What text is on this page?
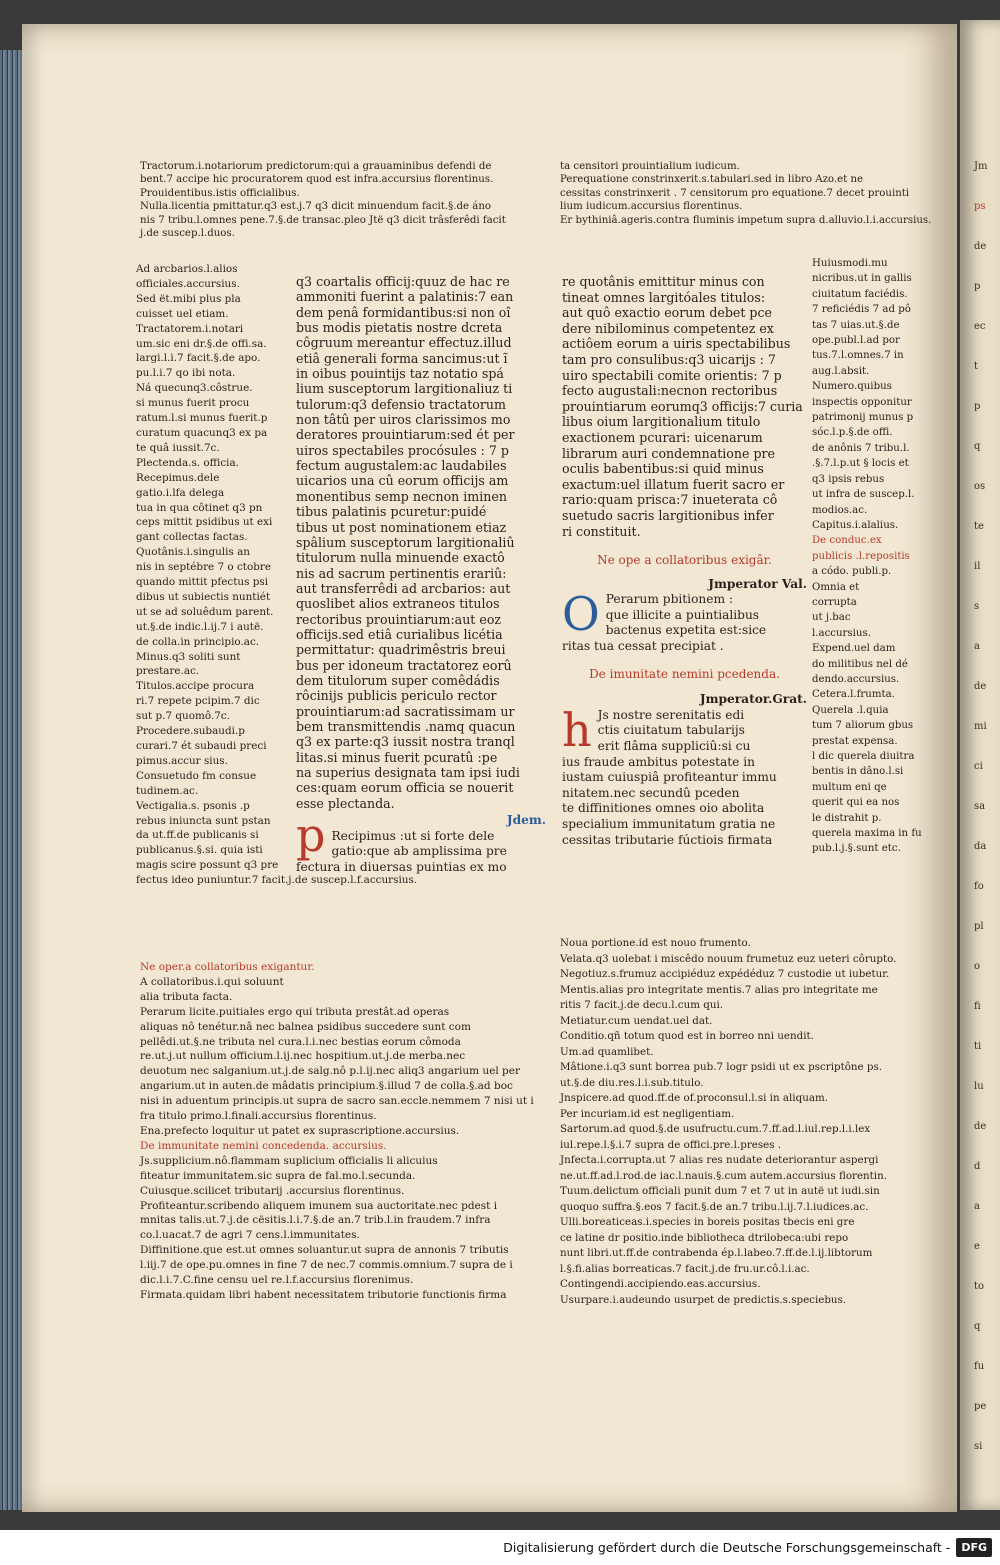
Tractorum.i.notariorum predictorum:qui a grauaminibus defendi de

bent.7 accipe hic procuratorem quod est infra.accursius florentinus.

Prouidentibus.istis officialibus.

Nulla.licentia pmittatur.q3 est.j.7 q3 dicit minuendum facit.§.de áno

nis 7 tribu.l.omnes pene.7.§.de transac.pleo Jtë q3 dicit trâsferêdi facit

j.de suscep.l.duos.

Ad arcbarios.l.alios

officiales.accursius.

Sed ët.mibi plus pla

cuisset uel etiam.

Tractatorem.i.notari

um.sic eni dr.§.de offi.sa.

largi.l.i.7 facit.§.de apo.

pu.l.i.7 qo ibi nota.

Ná quecunq3.côstrue.

si munus fuerit procu

ratum.l.si munus fuerit.p

curatum quacunq3 ex pa

te quâ iussit.7c.

Plectenda.s. officia.

Recepimus.dele

gatio.i.lfa delega

tua in qua côtinet q3 pn

ceps mittit psidibus ut exi

gant collectas factas.

Quotânis.i.singulis an

nis in septébre 7 o ctobre

quando mittit pfectus psi

dibus ut subiectis nuntiét

ut se ad soluêdum parent.

ut.§.de indic.l.ij.7 i autë.

de colla.in principio.ac.

Minus.q3 soliti sunt

prestare.ac.

Titulos.accipe procura

ri.7 repete pcipim.7 dic

sut p.7 quomô.7c.

Procedere.subaudi.p

curari.7 ét subaudi preci

pimus.accur sius.

Consuetudo fm consue

tudinem.ac.

Vectigalia.s. psonis .p

rebus iniuncta sunt pstan

da ut.ff.de publicanis si

publicanus.§.si. quia isti

magis scire possunt q3 pre

fectus ideo puniuntur.7 facit.j.de suscep.l.f.accursius.

q3 coartalis officij:quuz de hac re

ammoniti fuerint a palatinis:7 ean

dem penâ formidantibus:si non oî

bus modis pietatis nostre dcreta

côgruum mereantur effectuz.illud

etiâ generali forma sancimus:ut ĩ

in oibus pouintijs taz notatio spá

lium susceptorum largitionaliuz ti

tulorum:q3 defensio tractatorum

non tâtû per uiros clarissimos mo

deratores prouintiarum:sed ét per

uiros spectabiles procósules : 7 p

fectum augustalem:ac laudabiles

uicarios una cû eorum officijs am

monentibus semp necnon iminen

tibus palatinis pcuretur:puidé

tibus ut post nominationem etiaz

spâlium susceptorum largitionaliû

titulorum nulla minuende exactô

nis ad sacrum pertinentis erariû:

aut transferrêdi ad arcbarios: aut

quoslibet alios extraneos titulos

rectoribus prouintiarum:aut eoz

officijs.sed etiâ curialibus licétia

permittatur: quadrimêstris breui

bus per idoneum tractatorez eorû

dem titulorum super comêdádis

rôcinijs publicis periculo rector

prouintiarum:ad sacratissimam ur

bem transmittendis .namq quacun

q3 ex parte:q3 iussit nostra tranql

litas.si minus fuerit pcuratû :pe

na superius designata tam ipsi iudi

ces:quam eorum officia se nouerit

esse plectanda.

p	Jdem.

Recipimus :ut si forte dele

gatio:que ab amplissima pre

fectura in diuersas puintias ex mo

Ne oper.a collatoribus exigantur.

A collatoribus.i.qui soluunt

alia tributa facta.

Perarum licite.puitiales ergo qui tributa prestât.ad operas

aliquas nô tenétur.nâ nec balnea psidibus succedere sunt com

pellêdi.ut.§.ne tributa nel cura.l.i.nec bestias eorum cômoda

re.ut.j.ut nullum officium.l.ij.nec hospitium.ut.j.de merba.nec

deuotum nec salganium.ut.j.de salg.nô p.l.ij.nec aliq3 angarium uel per

angarium.ut in auten.de mâdatis principium.§.illud 7 de colla.§.ad boc

nisi in aduentum principis.ut supra de sacro san.eccle.nemmem 7 nisi ut i

fra titulo primo.l.finali.accursius florentinus.

Ena.prefecto loquitur ut patet ex suprascriptione.accursius.

De immunitate nemini concedenda. accursius.

Js.supplicium.nô.flammam suplicium officialis li alicuius

fiteatur immunitatem.sic supra de fal.mo.l.secunda.

Cuiusque.scilicet tributarij .accursius florentinus.

Profiteantur.scribendo aliquem imunem sua auctoritate.nec pdest i

mnitas talis.ut.7.j.de cësitis.l.i.7.§.de an.7 trib.l.in fraudem.7 infra

co.l.uacat.7 de agri 7 cens.l.immunitates.

Diffinitione.que est.ut omnes soluantur.ut supra de annonis 7 tributis

l.iij.7 de ope.pu.omnes in fine 7 de nec.7 commis.omnium.7 supra de i

dic.l.i.7.C.fine censu uel re.l.f.accursius florenimus.

Firmata.quidam libri habent necessitatem tributorie functionis firma

ta censitori prouintialium iudicum.

Perequatione constrinxerit.s.tabulari.sed in libro Azo.et ne

cessitas constrinxerit . 7 censitorum pro equatione.7 decet prouinti

lium iudicum.accursius florentinus.

Er bythiniâ.ageris.contra fluminis impetum supra d.alluvio.l.i.accursius.

re quotânis emittitur minus con

tineat omnes largitóales titulos:

aut quô exactio eorum debet pce

dere nibilominus competentez ex

actiôem eorum a uiris spectabilibus

tam pro consulibus:q3 uicarijs : 7

uiro spectabili comite orientis: 7 p

fecto augustali:necnon rectoribus

prouintiarum eorumq3 officijs:7 curia

libus oium largitionalium titulo

exactionem pcurari: uicenarum

librarum auri condemnatione pre

oculis babentibus:si quid minus

exactum:uel illatum fuerit sacro er

rario:quam prisca:7 inueterata cô

suetudo sacris largitionibus infer

ri constituit.

Ne ope a collatoribus exigâr.
Jmperator Val.
O Perarum pbitionem :

que illicite a puintialibus

bactenus expetita est:sice

ritas tua cessat precipiat .

De imunitate nemini pcedenda.
Jmperator.Grat.
h Js nostre serenitatis edi

ctis ciuitatum tabularijs

erit flâma suppliciû:si cu

ius fraude ambitus potestate in

iustam cuiuspiâ profiteantur immu

nitatem.nec secundû pceden

te diffinitiones omnes oio abolita

specialium immunitatum gratia ne

cessitas tributarie fúctiois firmata

Huiusmodi.mu

nicribus.ut in gallis

ciuitatum faciédis.

7 reficiédis 7 ad pô

tas 7 uias.ut.§.de

ope.publ.l.ad por

tus.7.l.omnes.7 in

aug.l.absit.

Numero.quibus

inspectis opponitur

patrimonij munus p

sóc.l.p.§.de offi.

de anônis 7 tribu.l.

.§.7.l.p.ut § locis et

q3 ipsis rebus

ut infra de suscep.l.

modios.ac.

Capitus.i.alalius.

De conduc.ex

publicis .l.repositis

a códo. publi.p.

Omnia et

corrupta

ut j.bac

l.accursius.

Expend.uel dam

do militibus nel dé

dendo.accursius.

Cetera.l.frumta.

Querela .l.quia

tum 7 aliorum gbus

prestat expensa.

l dic querela diuitra

bentis in dâno.l.si

multum eni qe

querit qui ea nos

le distrahit p.

querela maxima in fu

pub.l.j.§.sunt etc.

Noua portione.id est nouo frumento.

Velata.q3 uolebat i miscêdo nouum frumetuz euz ueteri côrupto.

Negotiuz.s.frumuz accipiéduz expédéduz 7 custodie ut iubetur.

Mentis.alias pro integritate mentis.7 alias pro integritate me

ritis 7 facit.j.de decu.l.cum qui.

Metiatur.cum uendat.uel dat.

Conditio.qñ totum quod est in borreo nni uendit.

Um.ad quamlibet.

Mâtione.i.q3 sunt borrea pub.7 logr psidi ut ex pscriptône ps.

ut.§.de diu.res.l.i.sub.titulo.

Jnspicere.ad quod.ff.de of.proconsul.l.si in aliquam.

Per incuriam.id est negligentiam.

Sartorum.ad quod.§.de usufructu.cum.7.ff.ad.l.iul.rep.l.i.lex

iul.repe.l.§.i.7 supra de offici.pre.l.preses .

Jnfecta.i.corrupta.ut 7 alias res nudate deteriorantur aspergi

ne.ut.ff.ad.l.rod.de iac.l.nauis.§.cum autem.accursius florentin.

Tuum.delictum officiali punit dum 7 et 7 ut in autë ut iudi.sin

quoquo suffra.§.eos 7 facit.§.de an.7 tribu.l.ij.7.l.iudices.ac.

Ulli.boreaticeas.i.species in boreis positas tbecis eni gre

ce latine dr positio.inde bibliotheca dtrilobeca:ubi repo

nunt libri.ut.ff.de contrabenda ép.l.labeo.7.ff.de.l.ij.libtorum

l.§.fi.alias borreaticas.7 facit.j.de fru.ur.cô.l.i.ac.

Contingendi.accipiendo.eas.accursius.

Usurpare.i.audeundo usurpet de predictis.s.speciebus.

Jm
ps
de
p
ec
t
p
q
os
te
il
s
a
de
mi
ci
sa
da
fo
pl
o
fi
ti
lu
de
d
a
e
to
q
fu
pe
si
Digitalisierung gefördert durch die Deutsche Forschungsgemeinschaft -	DFG
